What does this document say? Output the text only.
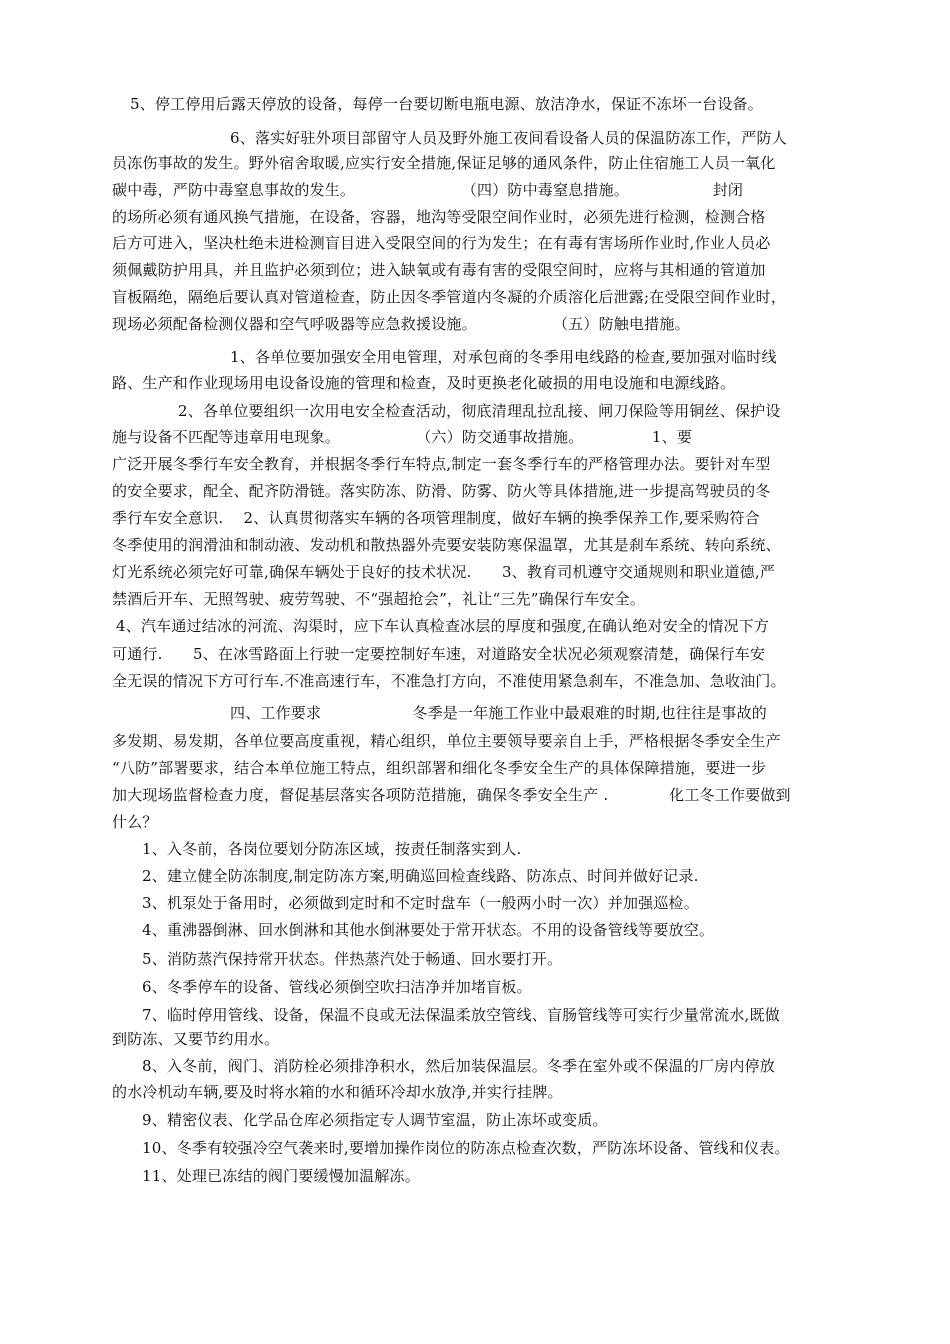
5、停工停用后露天停放的设备，每停一台要切断电瓶电源、放洁净水，保证不冻坏一台设备。
6、落实好驻外项目部留守人员及野外施工夜间看设备人员的保温防冻工作，严防人
员冻伤事故的发生。野外宿舍取暖,应实行安全措施,保证足够的通风条件，防止住宿施工人员一氧化
碳中毒，严防中毒窒息事故的发生。　　　　　　　　（四）防中毒窒息措施。　　　　　　封闭
的场所必须有通风换气措施，在设备，容器，地沟等受限空间作业时，必须先进行检测，检测合格
后方可进入，坚决杜绝未进检测盲目进入受限空间的行为发生；在有毒有害场所作业时,作业人员必
须佩戴防护用具，并且监护必须到位；进入缺氧或有毒有害的受限空间时，应将与其相通的管道加
盲板隔绝，隔绝后要认真对管道检查，防止因冬季管道内冬凝的介质溶化后泄露;在受限空间作业时，
现场必须配备检测仪器和空气呼吸器等应急救援设施。　　　　　　（五）防触电措施。
1、各单位要加强安全用电管理，对承包商的冬季用电线路的检查,要加强对临时线
路、生产和作业现场用电设备设施的管理和检查，及时更换老化破损的用电设施和电源线路。
2、各单位要组织一次用电安全检查活动，彻底清理乱拉乱接、闸刀保险等用铜丝、保护设
施与设备不匹配等违章用电现象。　　　　　　（六）防交通事故措施。　　　　　1、要
广泛开展冬季行车安全教育，并根据冬季行车特点,制定一套冬季行车的严格管理办法。要针对车型
的安全要求，配全、配齐防滑链。落实防冻、防滑、防雾、防火等具体措施,进一步提高驾驶员的冬
季行车安全意识.　 2、认真贯彻落实车辆的各项管理制度，做好车辆的换季保养工作,要采购符合
冬季使用的润滑油和制动液、发动机和散热器外壳要安装防寒保温罩，尤其是刹车系统、转向系统、
灯光系统必须完好可靠,确保车辆处于良好的技术状况.　　3、教育司机遵守交通规则和职业道德,严
禁酒后开车、无照驾驶、疲劳驾驶、不“强超抢会”，礼让“三先”确保行车安全。
4、汽车通过结冰的河流、沟渠时，应下车认真检查冰层的厚度和强度,在确认绝对安全的情况下方
可通行.　　5、在冰雪路面上行驶一定要控制好车速，对道路安全状况必须观察清楚，确保行车安
全无误的情况下方可行车.不准高速行车，不准急打方向，不准使用紧急刹车，不准急加、急收油门。
四、工作要求　　　　　　冬季是一年施工作业中最艰难的时期,也往往是事故的
多发期、易发期，各单位要高度重视，精心组织，单位主要领导要亲自上手，严格根据冬季安全生产
“八防”部署要求，结合本单位施工特点，组织部署和细化冬季安全生产的具体保障措施，要进一步
加大现场监督检查力度，督促基层落实各项防范措施，确保冬季安全生产 .　　　　化工冬工作要做到
什么？
1、入冬前，各岗位要划分防冻区域，按责任制落实到人.
2、建立健全防冻制度,制定防冻方案,明确巡回检查线路、防冻点、时间并做好记录.
3、机泵处于备用时，必须做到定时和不定时盘车（一般两小时一次）并加强巡检。
4、重沸器倒淋、回水倒淋和其他水倒淋要处于常开状态。不用的设备管线等要放空。
5、消防蒸汽保持常开状态。伴热蒸汽处于畅通、回水要打开。
6、冬季停车的设备、管线必须倒空吹扫洁净并加堵盲板。
7、临时停用管线、设备，保温不良或无法保温柔放空管线、盲肠管线等可实行少量常流水,既做
到防冻、又要节约用水。
8、入冬前，阀门、消防栓必须排净积水，然后加装保温层。冬季在室外或不保温的厂房内停放
的水冷机动车辆,要及时将水箱的水和循环冷却水放净,并实行挂牌。
9、精密仪表、化学品仓库必须指定专人调节室温，防止冻坏或变质。
10、冬季有较强冷空气袭来时,要增加操作岗位的防冻点检查次数，严防冻坏设备、管线和仪表。
11、处理已冻结的阀门要缓慢加温解冻。
